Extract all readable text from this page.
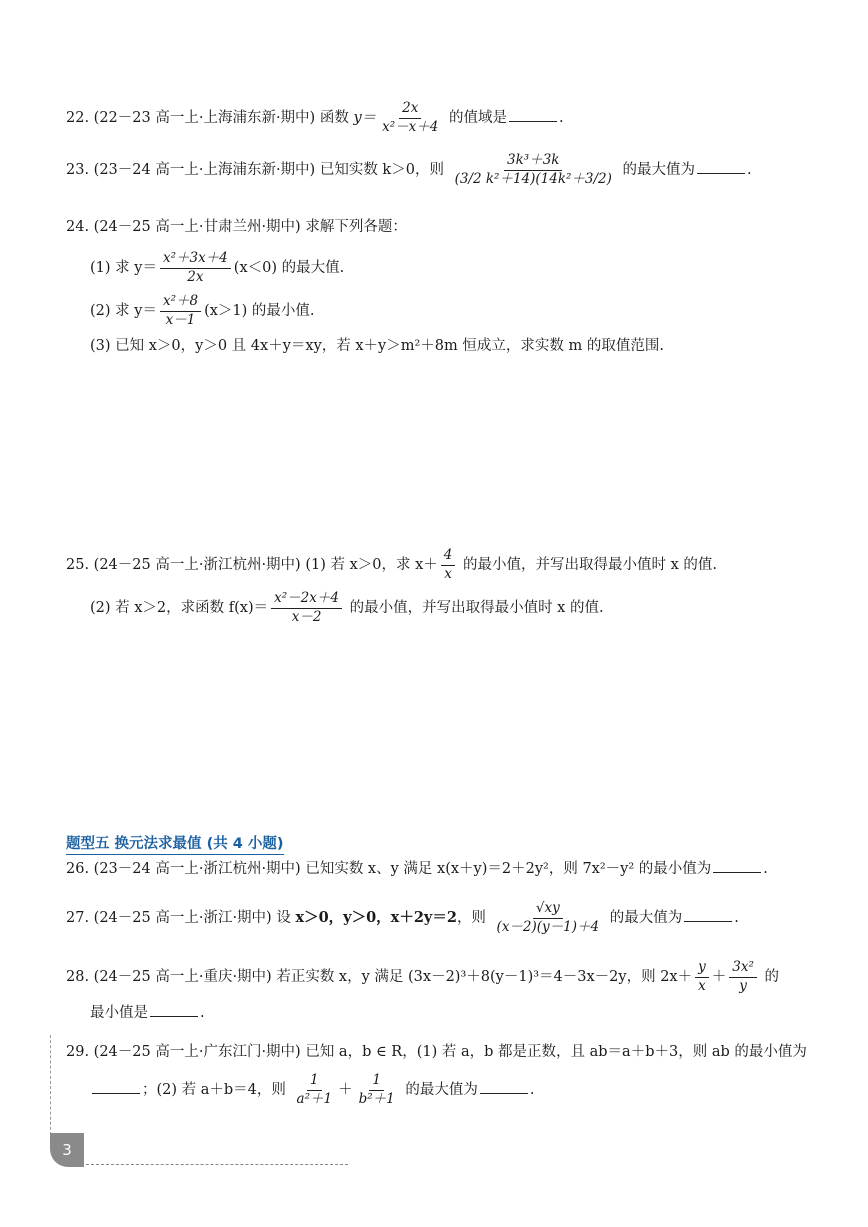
22. (22－23 高一上·上海浦东新·期中) 函数 $y= \frac{2x}{\text{x²－x＋4}}$ 的值域是	.
23. (23－24 高一上·上海浦东新·期中) 已知实数 k＞0，则 $\frac{\text{3k³＋3k}}{\text{(3/2 k²＋14)(14k²＋3/2)}}$ 的最大值为	.
24. (24－25 高一上·甘肃兰州·期中) 求解下列各题：
(1) 求 $y= \frac{\text{x²＋3x＋4}}{2x} (x<0)$ 的最大值.
(2) 求 $y= \frac{\text{x²＋8}}{x-1} (x>1)$ 的最小值.
(3) 已知 x＞0，y＞0 且 4x＋y＝xy，若 x＋y＞m²＋8m 恒成立，求实数 m 的取值范围.
25. (24－25 高一上·浙江杭州·期中) (1) 若 x＞0，求 $x+ \frac{4}{x}$ 的最小值，并写出取得最小值时 x 的值.
(2) 若 x＞2，求函数 $f(x)= \frac{\text{x²－2x＋4}}{x-2}$ 的最小值，并写出取得最小值时 x 的值.
题型五 换元法求最值 (共 4 小题)
26. (23－24 高一上·浙江杭州·期中) 已知实数 x、y 满足 x(x＋y)＝2＋2y²，则 7x²－y² 的最小值为	.
27. (24－25 高一上·浙江·期中) 设 x＞0，y＞0，x＋2y＝2，则 $\frac{√xy}{(x-2)(y-1)+4}$ 的最大值为	.
28. (24－25 高一上·重庆·期中) 若正实数 x，y 满足 (3x－2)³＋8(y－1)³＝4－3x－2y，则 $2x+ \frac{y}{x} + \frac{\text{3x²}}{y}$ 的
最小值是	.
29. (24－25 高一上·广东江门·期中) 已知 a，b ∈ R，(1) 若 a，b 都是正数，且 ab＝a＋b＋3，则 ab 的最小值为
；(2) 若 a＋b＝4，则 $\frac{1}{\text{a²＋1}} + \frac{1}{\text{b²＋1}}$ 的最大值为	.
3
